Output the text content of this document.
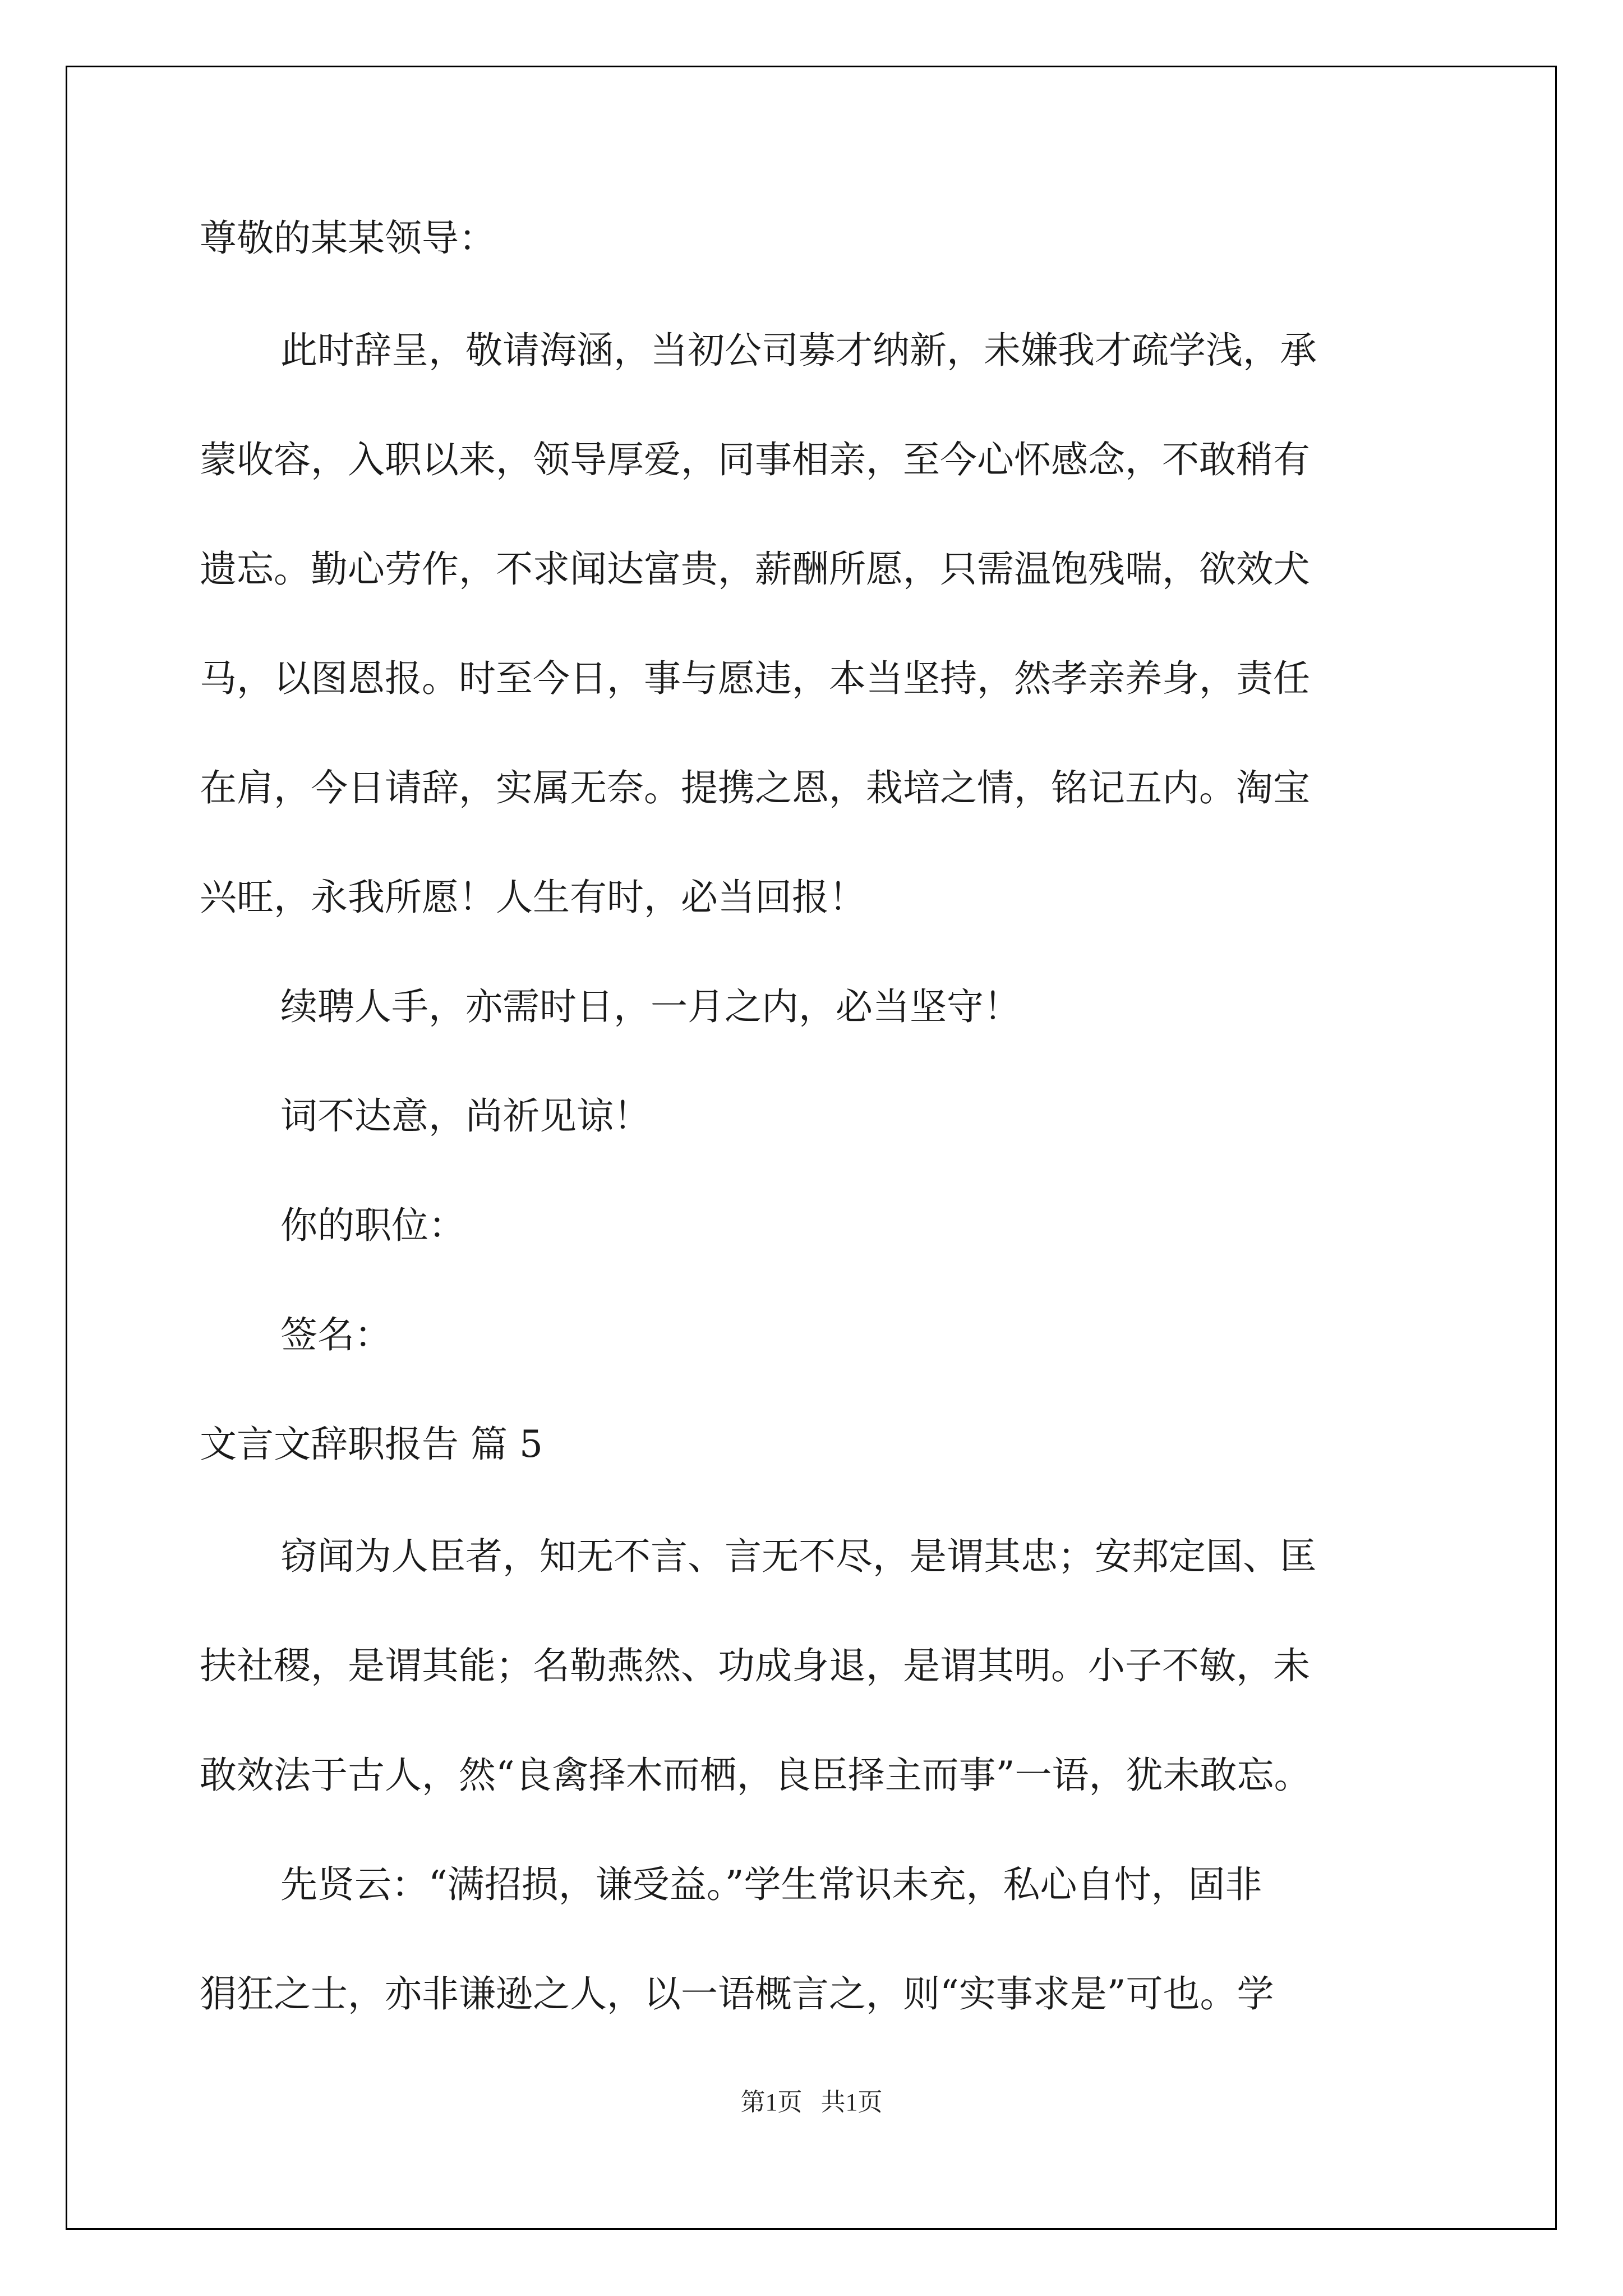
尊敬的某某领导：
此时辞呈，敬请海涵，当初公司募才纳新，未嫌我才疏学浅，承
蒙收容，入职以来，领导厚爱，同事相亲，至今心怀感念，不敢稍有
遗忘。勤心劳作，不求闻达富贵，薪酬所愿，只需温饱残喘，欲效犬
马，以图恩报。时至今日，事与愿违，本当坚持，然孝亲养身，责任
在肩，今日请辞，实属无奈。提携之恩，栽培之情，铭记五内。淘宝
兴旺，永我所愿！人生有时，必当回报！
续聘人手，亦需时日，一月之内，必当坚守！
词不达意，尚祈见谅！
你的职位：
签名：
文言文辞职报告 篇 5
窃闻为人臣者，知无不言、言无不尽，是谓其忠；安邦定国、匡
扶社稷，是谓其能；名勒燕然、功成身退，是谓其明。小子不敏，未
敢效法于古人，然“良禽择木而栖，良臣择主而事”一语，犹未敢忘。
先贤云：“满招损，谦受益。”学生常识未充，私心自忖，固非
狷狂之士，亦非谦逊之人，以一语概言之，则“实事求是”可也。学
第1页   共1页
